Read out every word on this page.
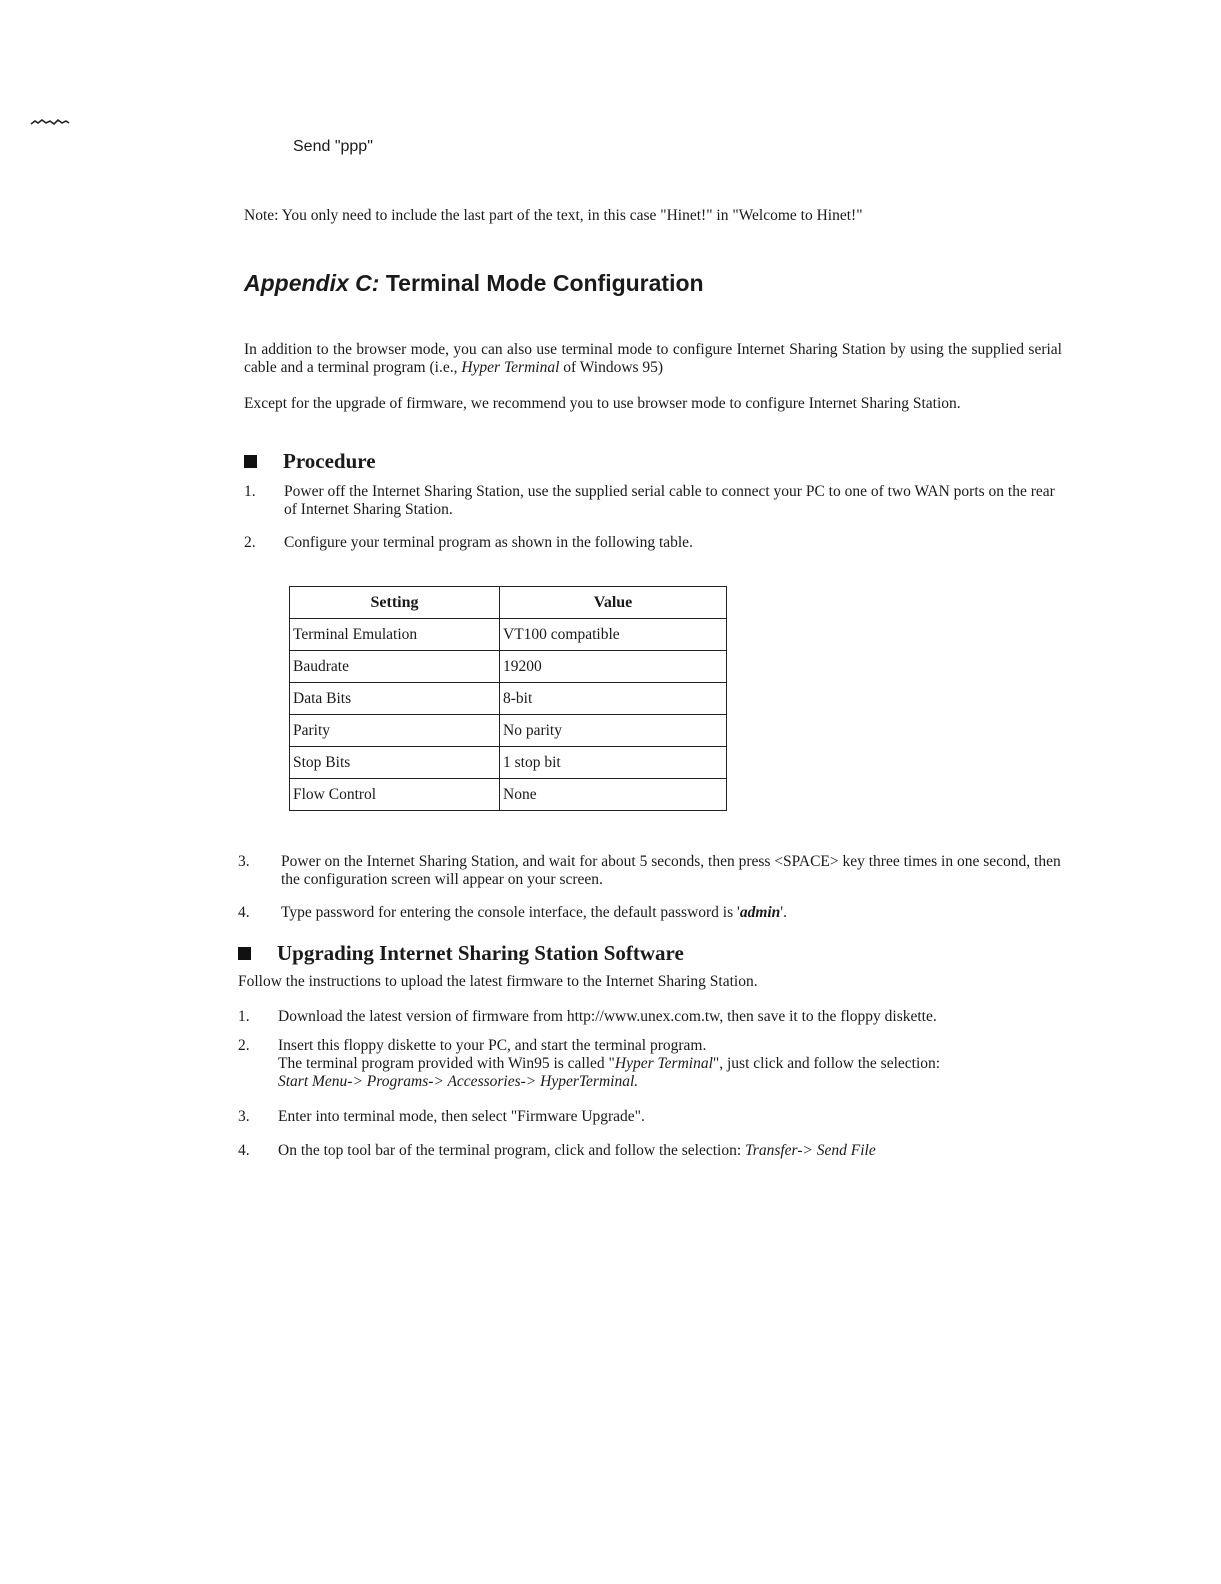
Send "ppp"
Note: You only need to include the last part of the text, in this case "Hinet!" in "Welcome to Hinet!"
Appendix C: Terminal Mode Configuration
In addition to the browser mode, you can also use terminal mode to configure Internet Sharing Station by using the supplied serial cable and a terminal program (i.e., Hyper Terminal of Windows 95)
Except for the upgrade of firmware, we recommend you to use browser mode to configure Internet Sharing Station.
Procedure
1. Power off the Internet Sharing Station, use the supplied serial cable to connect your PC to one of two WAN ports on the rear of Internet Sharing Station.
2. Configure your terminal program as shown in the following table.
Setting	Value
Terminal Emulation	VT100 compatible
Baudrate	19200
Data Bits	8-bit
Parity	No parity
Stop Bits	1 stop bit
Flow Control	None
3. Power on the Internet Sharing Station, and wait for about 5 seconds, then press <SPACE> key three times in one second, then the configuration screen will appear on your screen.
4. Type password for entering the console interface, the default password is 'admin'.
Upgrading Internet Sharing Station Software
Follow the instructions to upload the latest firmware to the Internet Sharing Station.
1. Download the latest version of firmware from http://www.unex.com.tw, then save it to the floppy diskette.
2. Insert this floppy diskette to your PC, and start the terminal program.
The terminal program provided with Win95 is called "Hyper Terminal", just click and follow the selection:
Start Menu-> Programs-> Accessories-> HyperTerminal.
3. Enter into terminal mode, then select "Firmware Upgrade".
4. On the top tool bar of the terminal program, click and follow the selection: Transfer-> Send File
